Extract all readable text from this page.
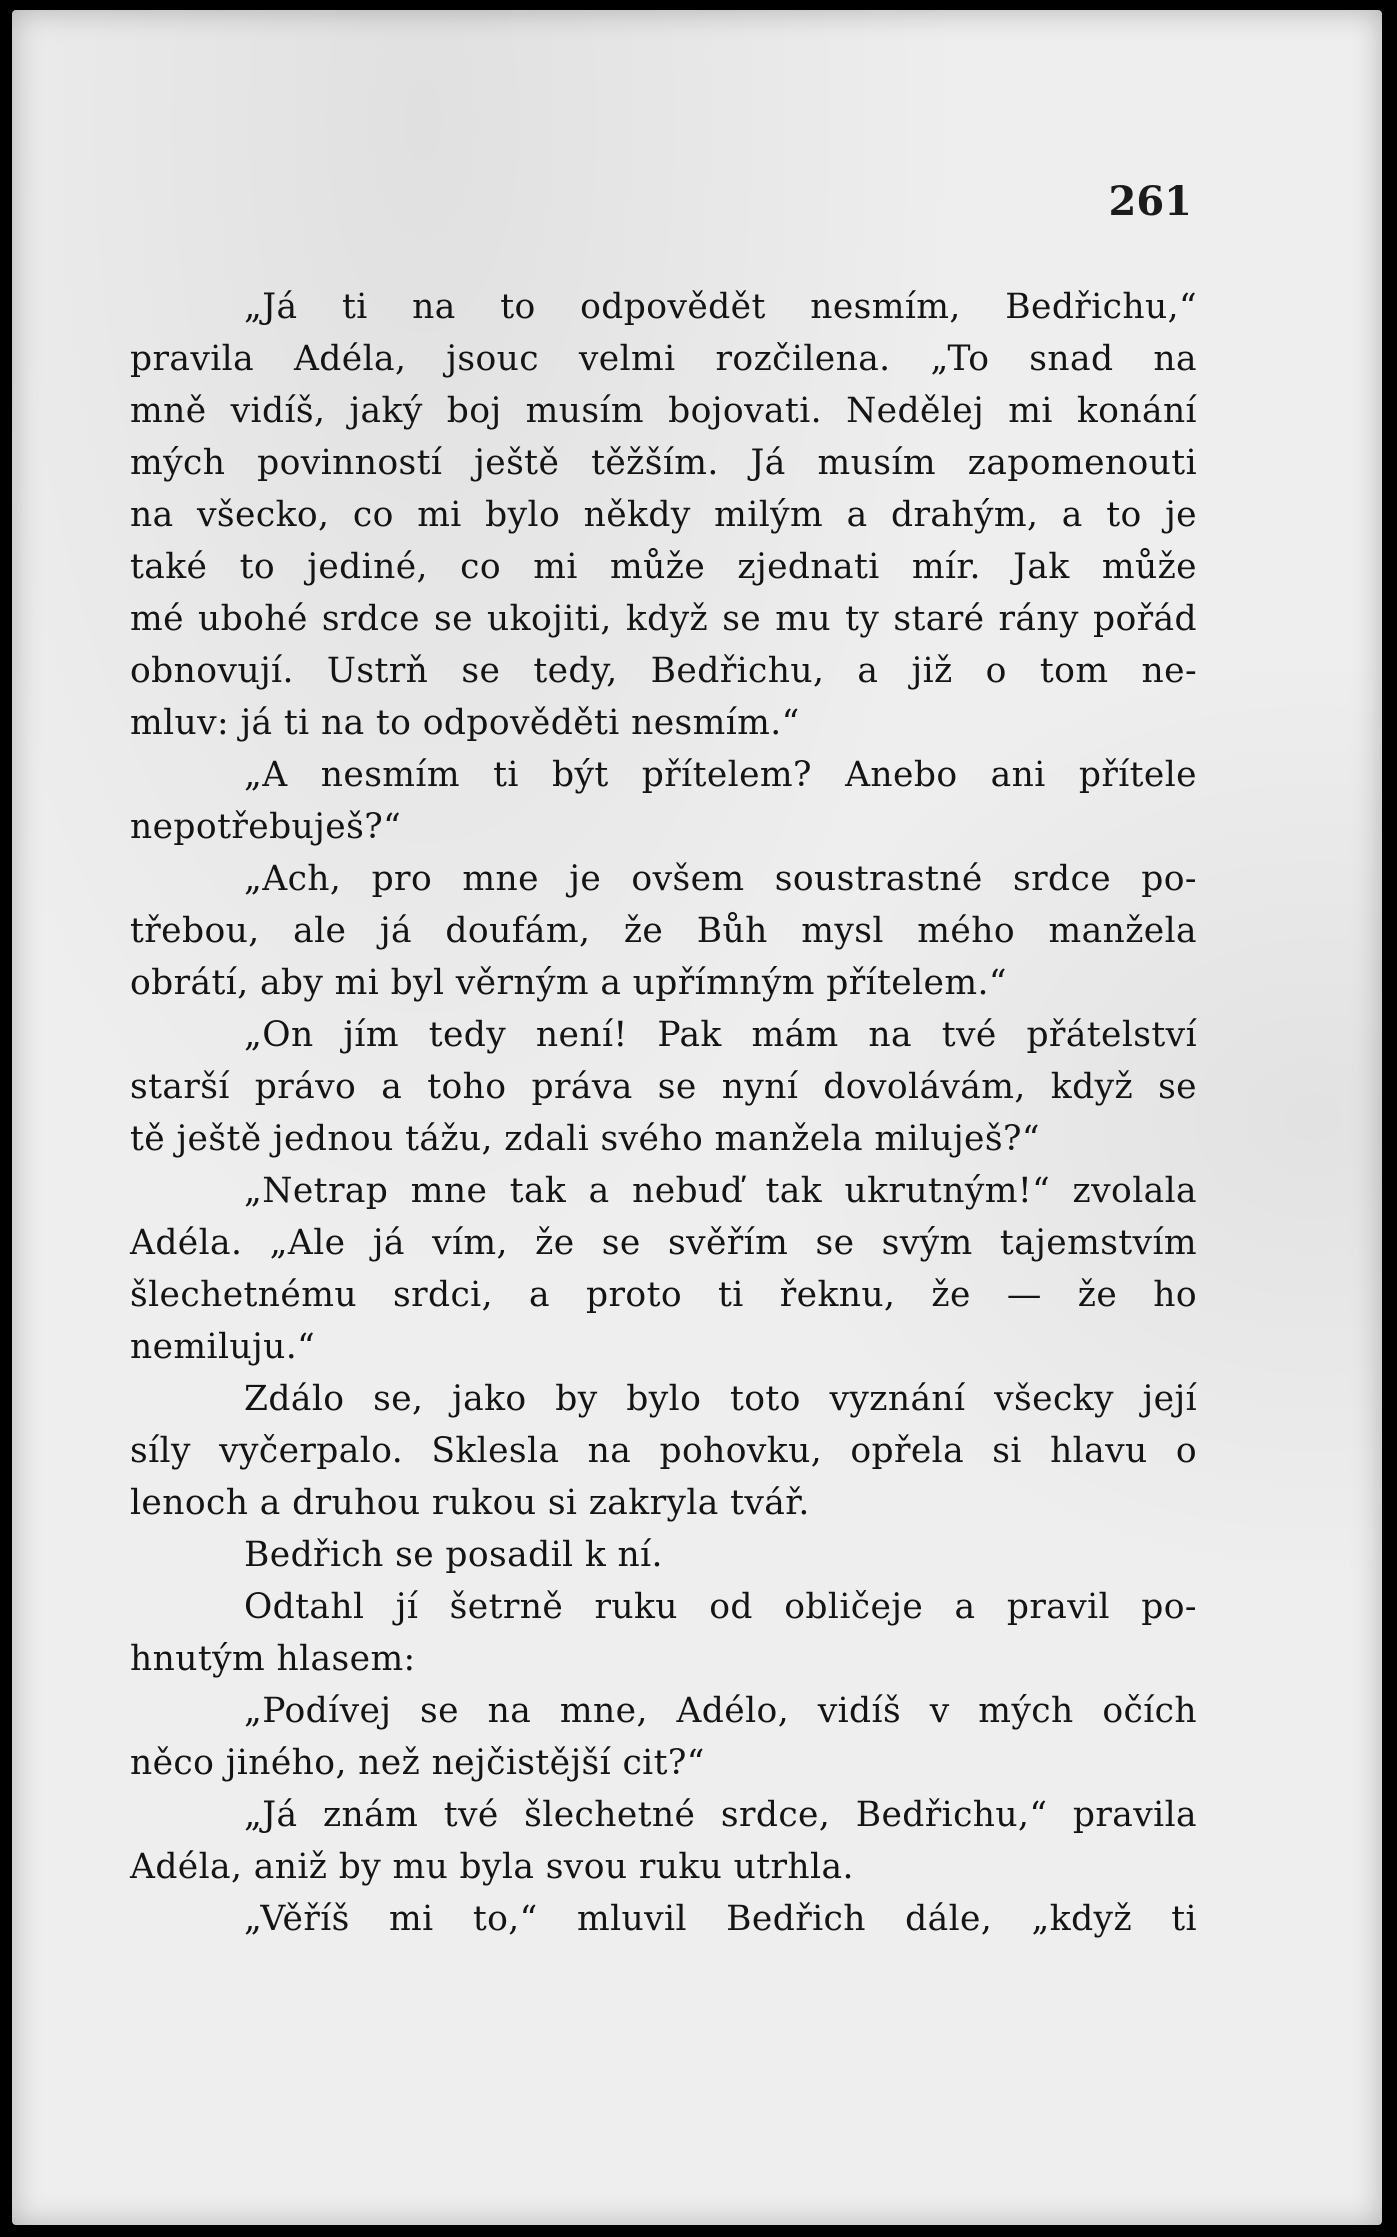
261
„Já ti na to odpovědět nesmím, Bedřichu,“
pravila Adéla, jsouc velmi rozčilena. „To snad na
mně vidíš, jaký boj musím bojovati. Nedělej mi konání
mých povinností ještě těžším. Já musím zapomenouti
na všecko, co mi bylo někdy milým a drahým, a to je
také to jediné, co mi může zjednati mír. Jak může
mé ubohé srdce se ukojiti, když se mu ty staré rány pořád
obnovují. Ustrň se tedy, Bedřichu, a již o tom ne-
mluv: já ti na to odpověděti nesmím.“
„A nesmím ti být přítelem? Anebo ani přítele
nepotřebuješ?“
„Ach, pro mne je ovšem soustrastné srdce po-
třebou, ale já doufám, že Bůh mysl mého manžela
obrátí, aby mi byl věrným a upřímným přítelem.“
„On jím tedy není! Pak mám na tvé přátelství
starší právo a toho práva se nyní dovolávám, když se
tě ještě jednou tážu, zdali svého manžela miluješ?“
„Netrap mne tak a nebuď tak ukrutným!“ zvolala
Adéla. „Ale já vím, že se svěřím se svým tajemstvím
šlechetnému srdci, a proto ti řeknu, že — že ho
nemiluju.“
Zdálo se, jako by bylo toto vyznání všecky její
síly vyčerpalo. Sklesla na pohovku, opřela si hlavu o
lenoch a druhou rukou si zakryla tvář.
Bedřich se posadil k ní.
Odtahl jí šetrně ruku od obličeje a pravil po-
hnutým hlasem:
„Podívej se na mne, Adélo, vidíš v mých očích
něco jiného, než nejčistější cit?“
„Já znám tvé šlechetné srdce, Bedřichu,“ pravila
Adéla, aniž by mu byla svou ruku utrhla.
„Věříš mi to,“ mluvil Bedřich dále, „když ti
